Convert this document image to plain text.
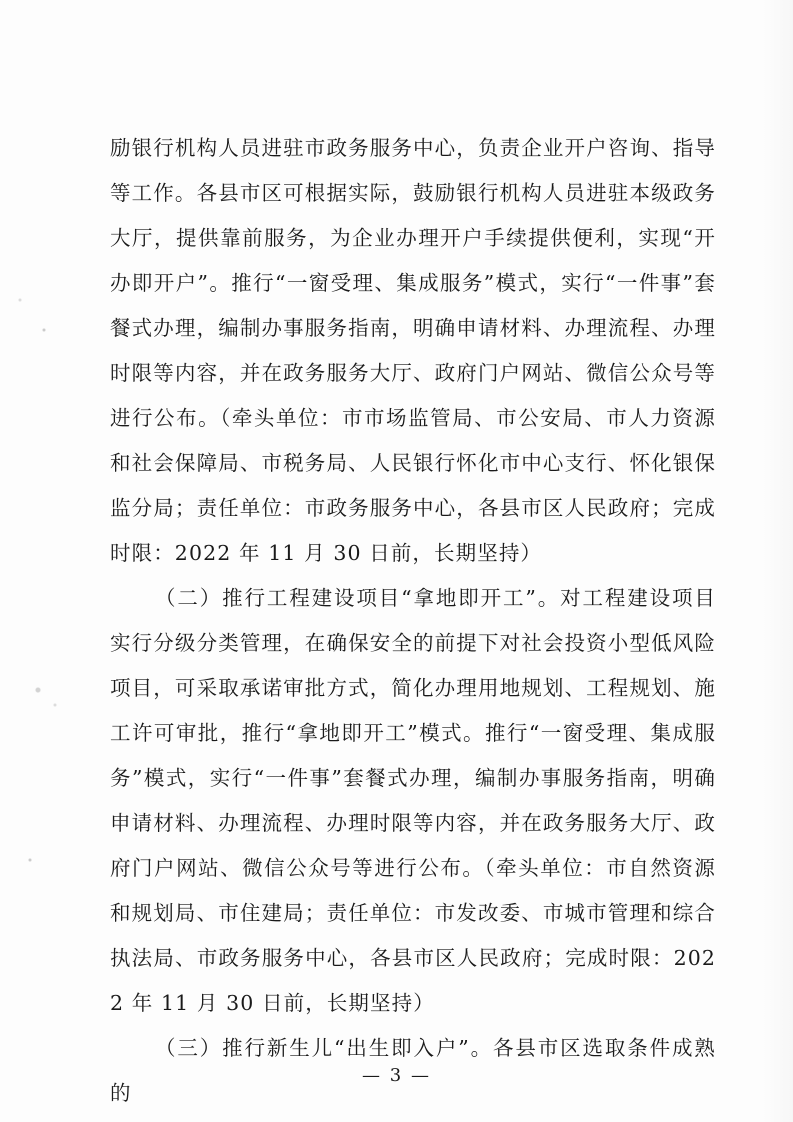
励银行机构人员进驻市政务服务中心，负责企业开户咨询、指导等工作。各县市区可根据实际，鼓励银行机构人员进驻本级政务大厅，提供靠前服务，为企业办理开户手续提供便利，实现“开办即开户”。推行“一窗受理、集成服务”模式，实行“一件事”套餐式办理，编制办事服务指南，明确申请材料、办理流程、办理时限等内容，并在政务服务大厅、政府门户网站、微信公众号等进行公布。（牵头单位：市市场监管局、市公安局、市人力资源和社会保障局、市税务局、人民银行怀化市中心支行、怀化银保监分局；责任单位：市政务服务中心，各县市区人民政府；完成时限：2022 年 11 月 30 日前，长期坚持）

（二）推行工程建设项目“拿地即开工”。对工程建设项目实行分级分类管理，在确保安全的前提下对社会投资小型低风险项目，可采取承诺审批方式，简化办理用地规划、工程规划、施工许可审批，推行“拿地即开工”模式。推行“一窗受理、集成服务”模式，实行“一件事”套餐式办理，编制办事服务指南，明确申请材料、办理流程、办理时限等内容，并在政务服务大厅、政府门户网站、微信公众号等进行公布。（牵头单位：市自然资源和规划局、市住建局；责任单位：市发改委、市城市管理和综合执法局、市政务服务中心，各县市区人民政府；完成时限：2022 年 11 月 30 日前，长期坚持）

（三）推行新生儿“出生即入户”。各县市区选取条件成熟的

— 3 —
